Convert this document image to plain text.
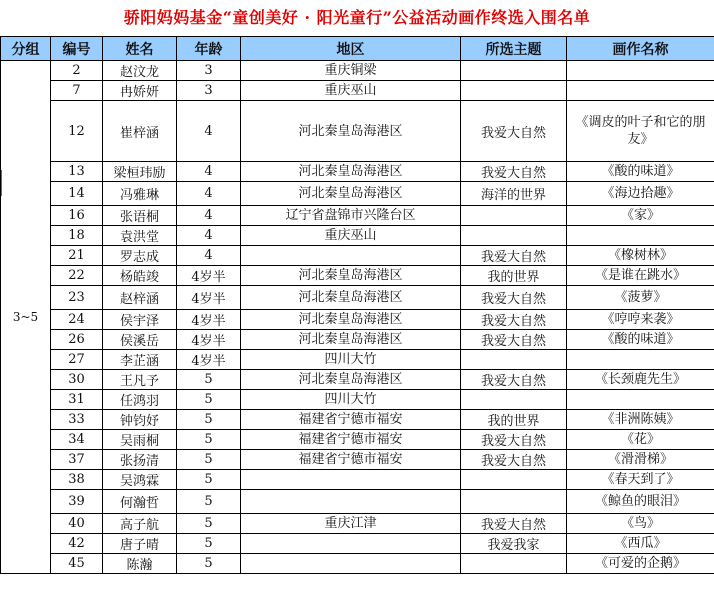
骄阳妈妈基金“童创美好 · 阳光童行”公益活动画作终选入围名单
分组	编号	姓名	年龄	地区	所选主题	画作名称
3~5	2	赵汶龙	3	重庆铜梁		
	7	冉娇妍	3	重庆巫山		
	12	崔梓涵	4	河北秦皇岛海港区	我爱大自然	《调皮的叶子和它的朋友》
	13	梁桓玮励	4	河北秦皇岛海港区	我爱大自然	《酸的味道》
	14	冯雅琳	4	河北秦皇岛海港区	海洋的世界	《海边拾趣》
	16	张语桐	4	辽宁省盘锦市兴隆台区		《家》
	18	袁洪堂	4	重庆巫山		
	21	罗志成	4		我爱大自然	《橡树林》
	22	杨皓竣	4岁半	河北秦皇岛海港区	我的世界	《是谁在跳水》
	23	赵梓涵	4岁半	河北秦皇岛海港区	我爱大自然	《菠萝》
	24	侯宇泽	4岁半	河北秦皇岛海港区	我爱大自然	《哼哼来袭》
	26	侯溪岳	4岁半	河北秦皇岛海港区	我爱大自然	《酸的味道》
	27	李芷涵	4岁半	四川大竹		
	30	王凡予	5	河北秦皇岛海港区	我爱大自然	《长颈鹿先生》
	31	任鸿羽	5	四川大竹		
	33	钟钧妤	5	福建省宁德市福安	我的世界	《非洲陈姨》
	34	吴雨桐	5	福建省宁德市福安	我爱大自然	《花》
	37	张扬清	5	福建省宁德市福安	我爱大自然	《滑滑梯》
	38	吴鸿霖	5			《春天到了》
	39	何瀚哲	5			《鲸鱼的眼泪》
	40	高子航	5	重庆江津	我爱大自然	《鸟》
	42	唐子晴	5		我爱我家	《西瓜》
	45	陈瀚	5			《可爱的企鹅》
